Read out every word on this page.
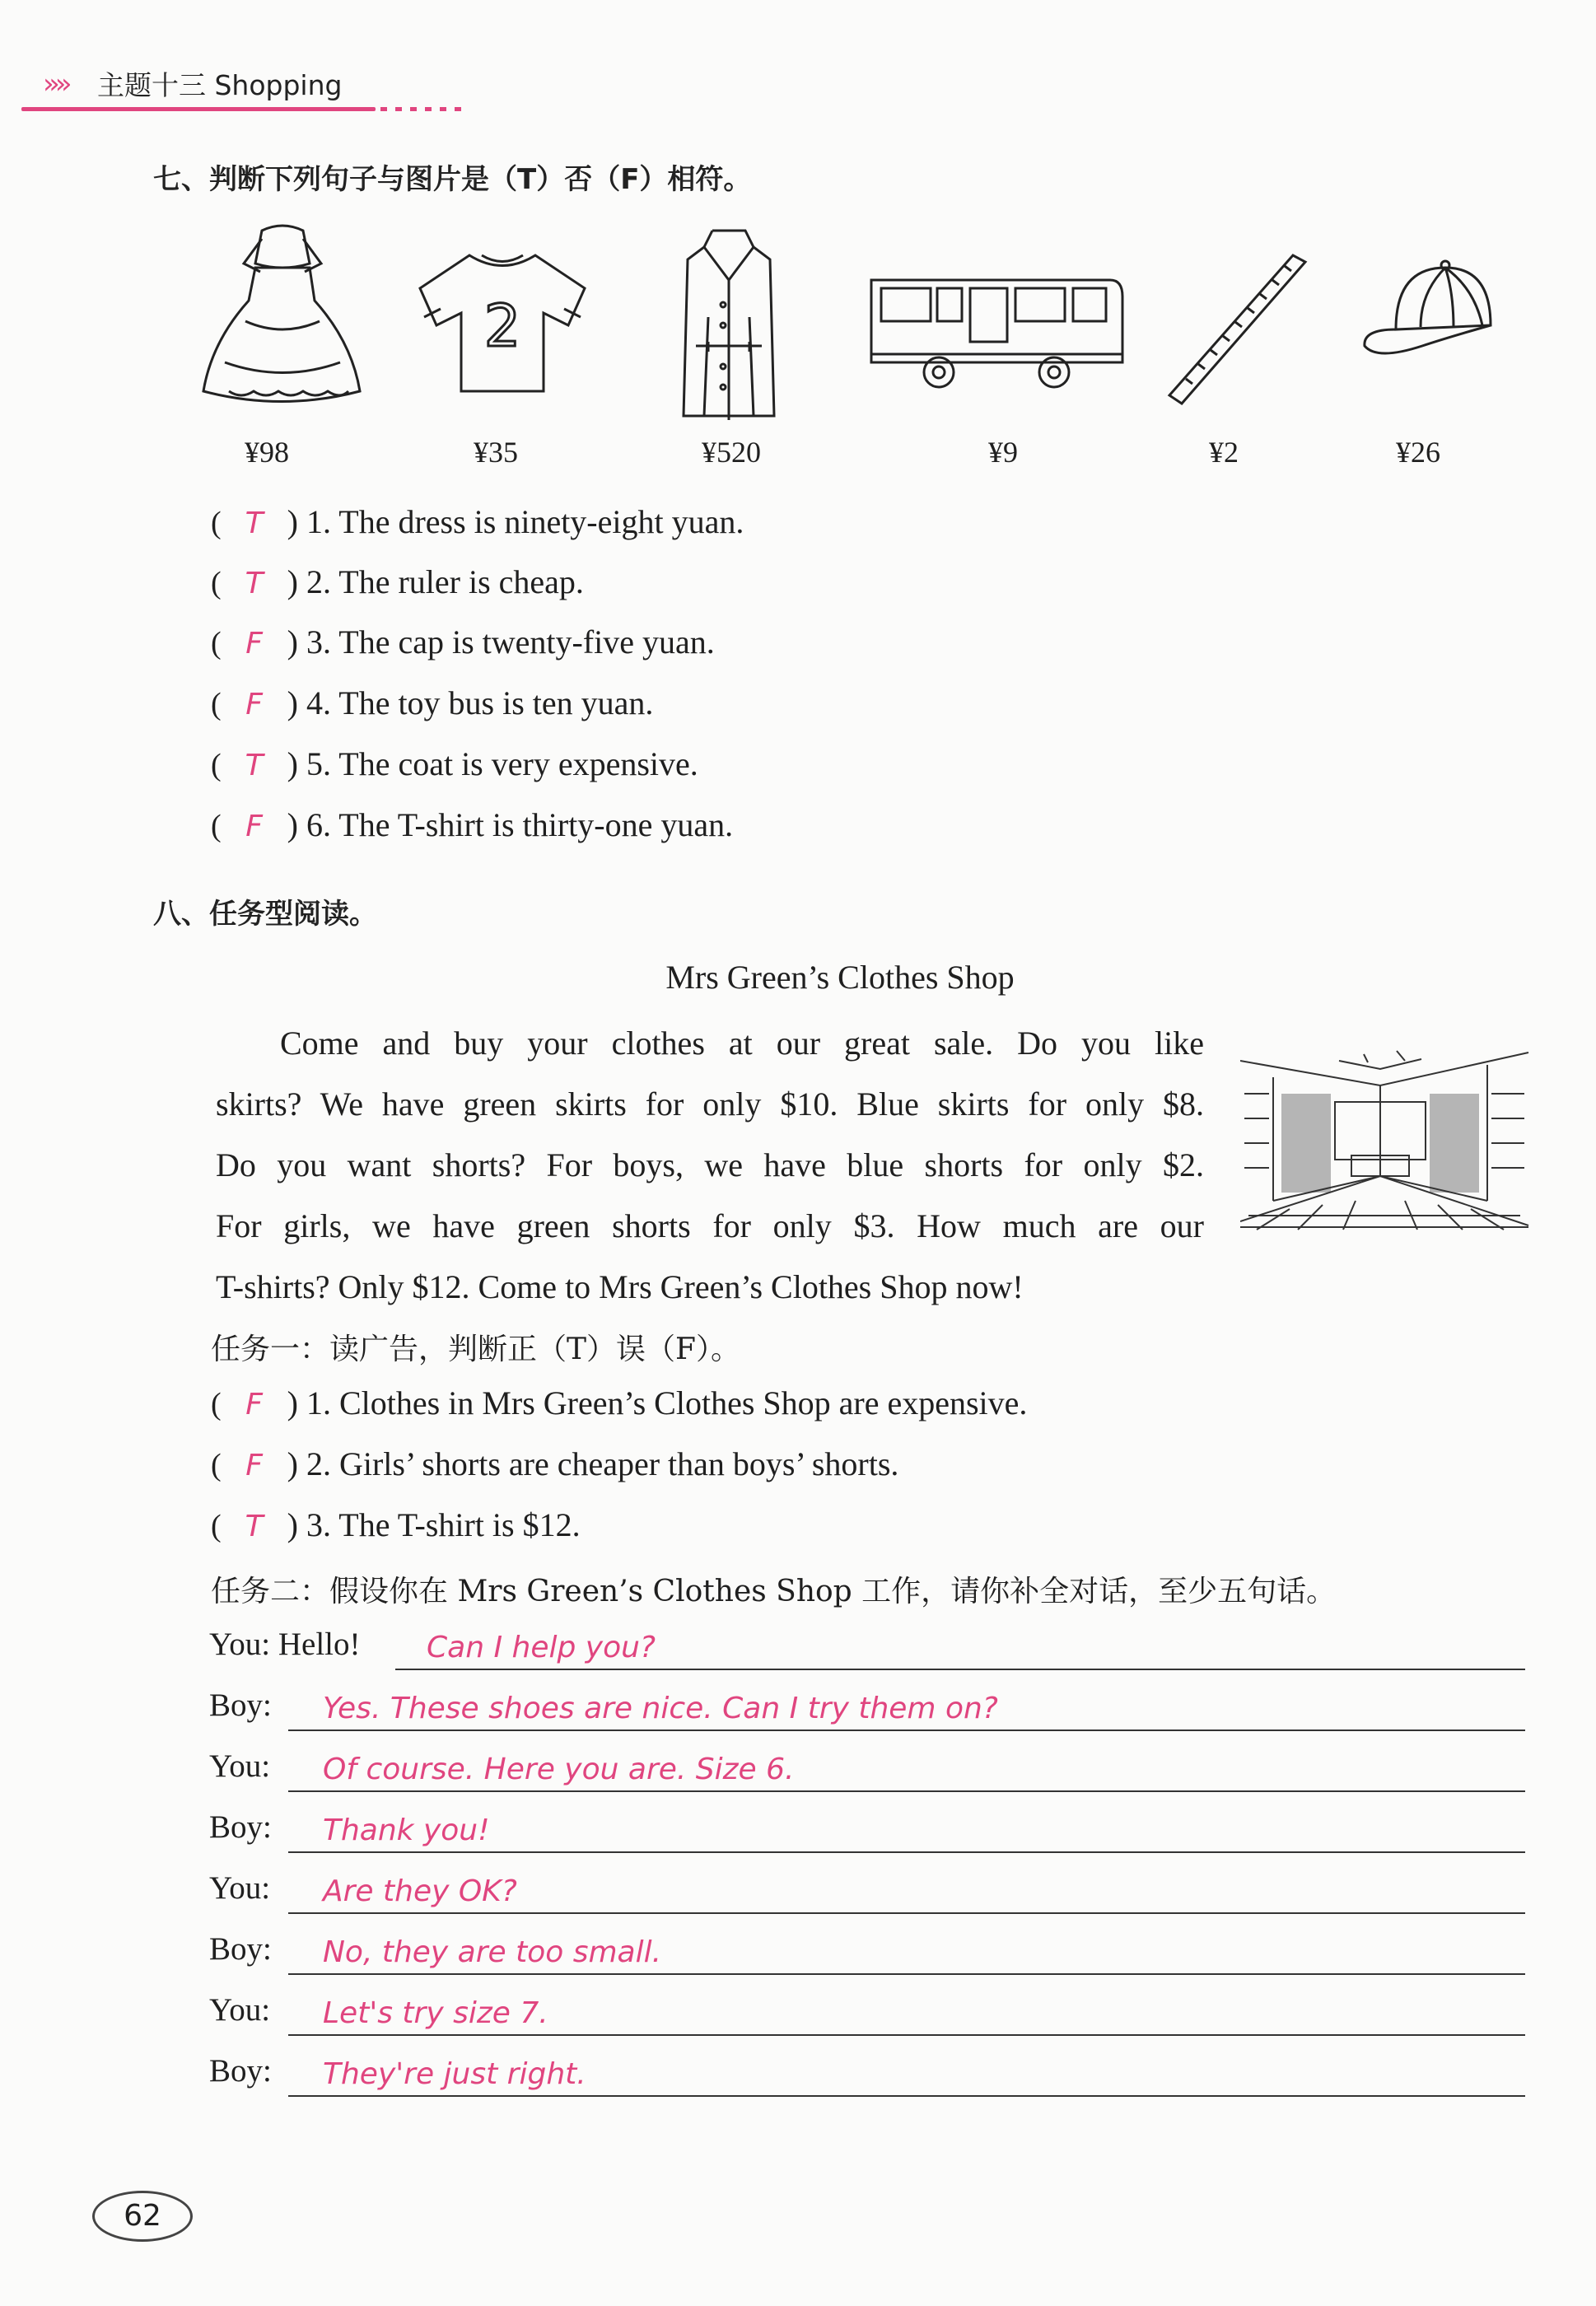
»» 主题十三 Shopping
七、判断下列句子与图片是（T）否（F）相符。
2
¥98	¥35	¥520	¥9	¥2	¥26
( T ) 1. The dress is ninety-eight yuan.
( T ) 2. The ruler is cheap.
( F ) 3. The cap is twenty-five yuan.
( F ) 4. The toy bus is ten yuan.
( T ) 5. The coat is very expensive.
( F ) 6. The T-shirt is thirty-one yuan.
八、任务型阅读。
Mrs Green’s Clothes Shop
Come and buy your clothes at our great sale. Do you like
skirts? We have green skirts for only $10. Blue skirts for only $8.
Do you want shorts? For boys, we have blue shorts for only $2.
For girls, we have green shorts for only $3. How much are our
T-shirts? Only $12. Come to Mrs Green’s Clothes Shop now!
任务一：读广告，判断正（T）误（F）。
( F ) 1. Clothes in Mrs Green’s Clothes Shop are expensive.
( F ) 2. Girls’ shorts are cheaper than boys’ shorts.
( T ) 3. The T-shirt is $12.
任务二：假设你在 Mrs Green’s Clothes Shop 工作，请你补全对话，至少五句话。
You: Hello! Can I help you?
Boy: Yes. These shoes are nice. Can I try them on?
You: Of course. Here you are. Size 6.
Boy: Thank you!
You: Are they OK?
Boy: No, they are too small.
You: Let's try size 7.
Boy: They're just right.
62
